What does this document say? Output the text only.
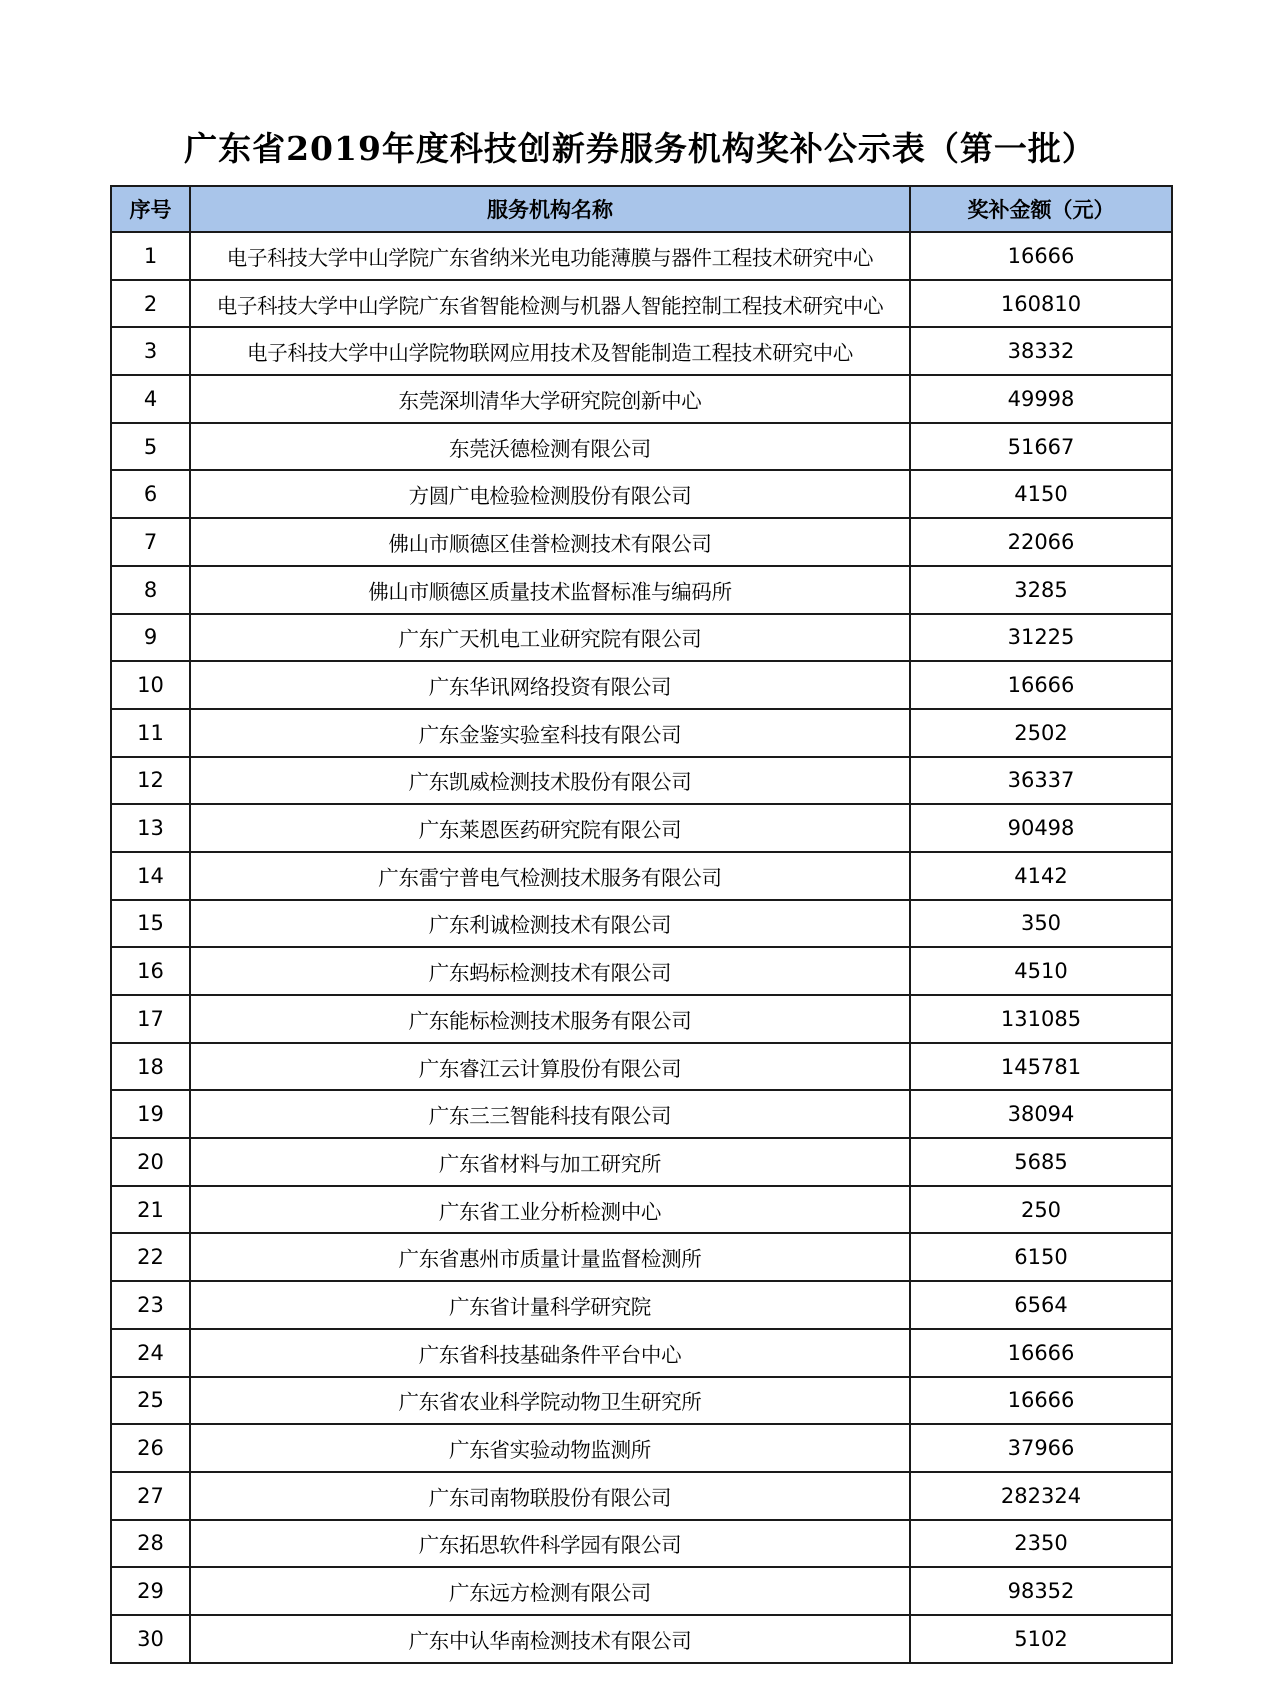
广东省2019年度科技创新券服务机构奖补公示表（第一批）
序号	服务机构名称	奖补金额（元）
1	电子科技大学中山学院广东省纳米光电功能薄膜与器件工程技术研究中心	16666
2	电子科技大学中山学院广东省智能检测与机器人智能控制工程技术研究中心	160810
3	电子科技大学中山学院物联网应用技术及智能制造工程技术研究中心	38332
4	东莞深圳清华大学研究院创新中心	49998
5	东莞沃德检测有限公司	51667
6	方圆广电检验检测股份有限公司	4150
7	佛山市顺德区佳誉检测技术有限公司	22066
8	佛山市顺德区质量技术监督标准与编码所	3285
9	广东广天机电工业研究院有限公司	31225
10	广东华讯网络投资有限公司	16666
11	广东金鉴实验室科技有限公司	2502
12	广东凯威检测技术股份有限公司	36337
13	广东莱恩医药研究院有限公司	90498
14	广东雷宁普电气检测技术服务有限公司	4142
15	广东利诚检测技术有限公司	350
16	广东蚂标检测技术有限公司	4510
17	广东能标检测技术服务有限公司	131085
18	广东睿江云计算股份有限公司	145781
19	广东三三智能科技有限公司	38094
20	广东省材料与加工研究所	5685
21	广东省工业分析检测中心	250
22	广东省惠州市质量计量监督检测所	6150
23	广东省计量科学研究院	6564
24	广东省科技基础条件平台中心	16666
25	广东省农业科学院动物卫生研究所	16666
26	广东省实验动物监测所	37966
27	广东司南物联股份有限公司	282324
28	广东拓思软件科学园有限公司	2350
29	广东远方检测有限公司	98352
30	广东中认华南检测技术有限公司	5102
